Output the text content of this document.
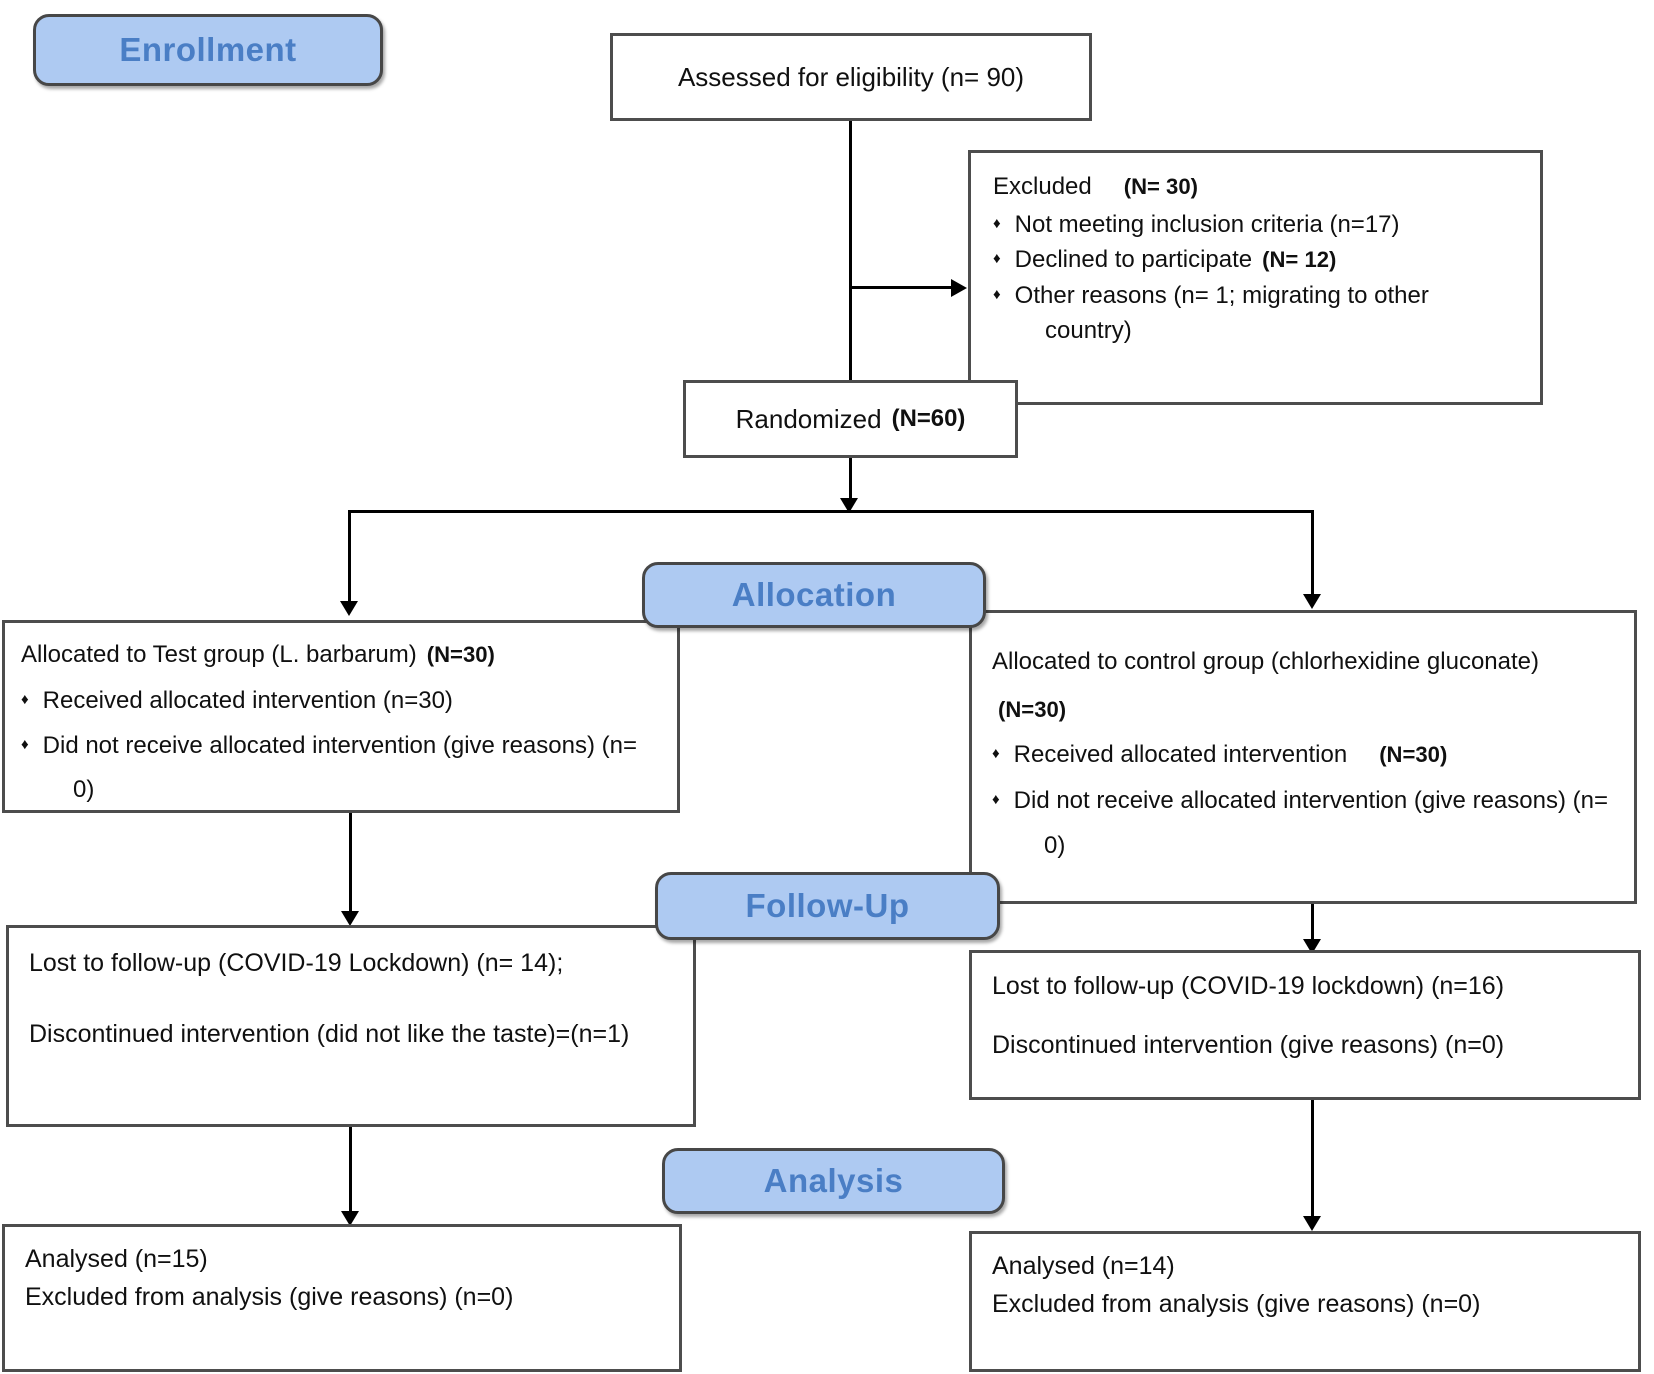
Enrollment
Allocation
Follow-Up
Analysis
Assessed for eligibility (n= 90)
Excluded (N= 30)
♦ Not meeting inclusion criteria (n=17)
♦ Declined to participate (N= 12)
♦ Other reasons (n= 1; migrating to other country)
Randomized (N=60)
Allocated to Test group (L. barbarum) (N=30)
♦ Received allocated intervention (n=30)
♦ Did not receive allocated intervention (give reasons) (n= 0)
Allocated to control group (chlorhexidine gluconate)
(N=30)
♦ Received allocated intervention (N=30)
♦ Did not receive allocated intervention (give reasons) (n= 0)
Lost to follow-up (COVID-19 Lockdown) (n= 14);
Discontinued intervention (did not like the taste)=(n=1)
Lost to follow-up (COVID-19 lockdown) (n=16)
Discontinued intervention (give reasons) (n=0)
Analysed (n=15)
Excluded from analysis (give reasons) (n=0)
Analysed (n=14)
Excluded from analysis (give reasons) (n=0)
